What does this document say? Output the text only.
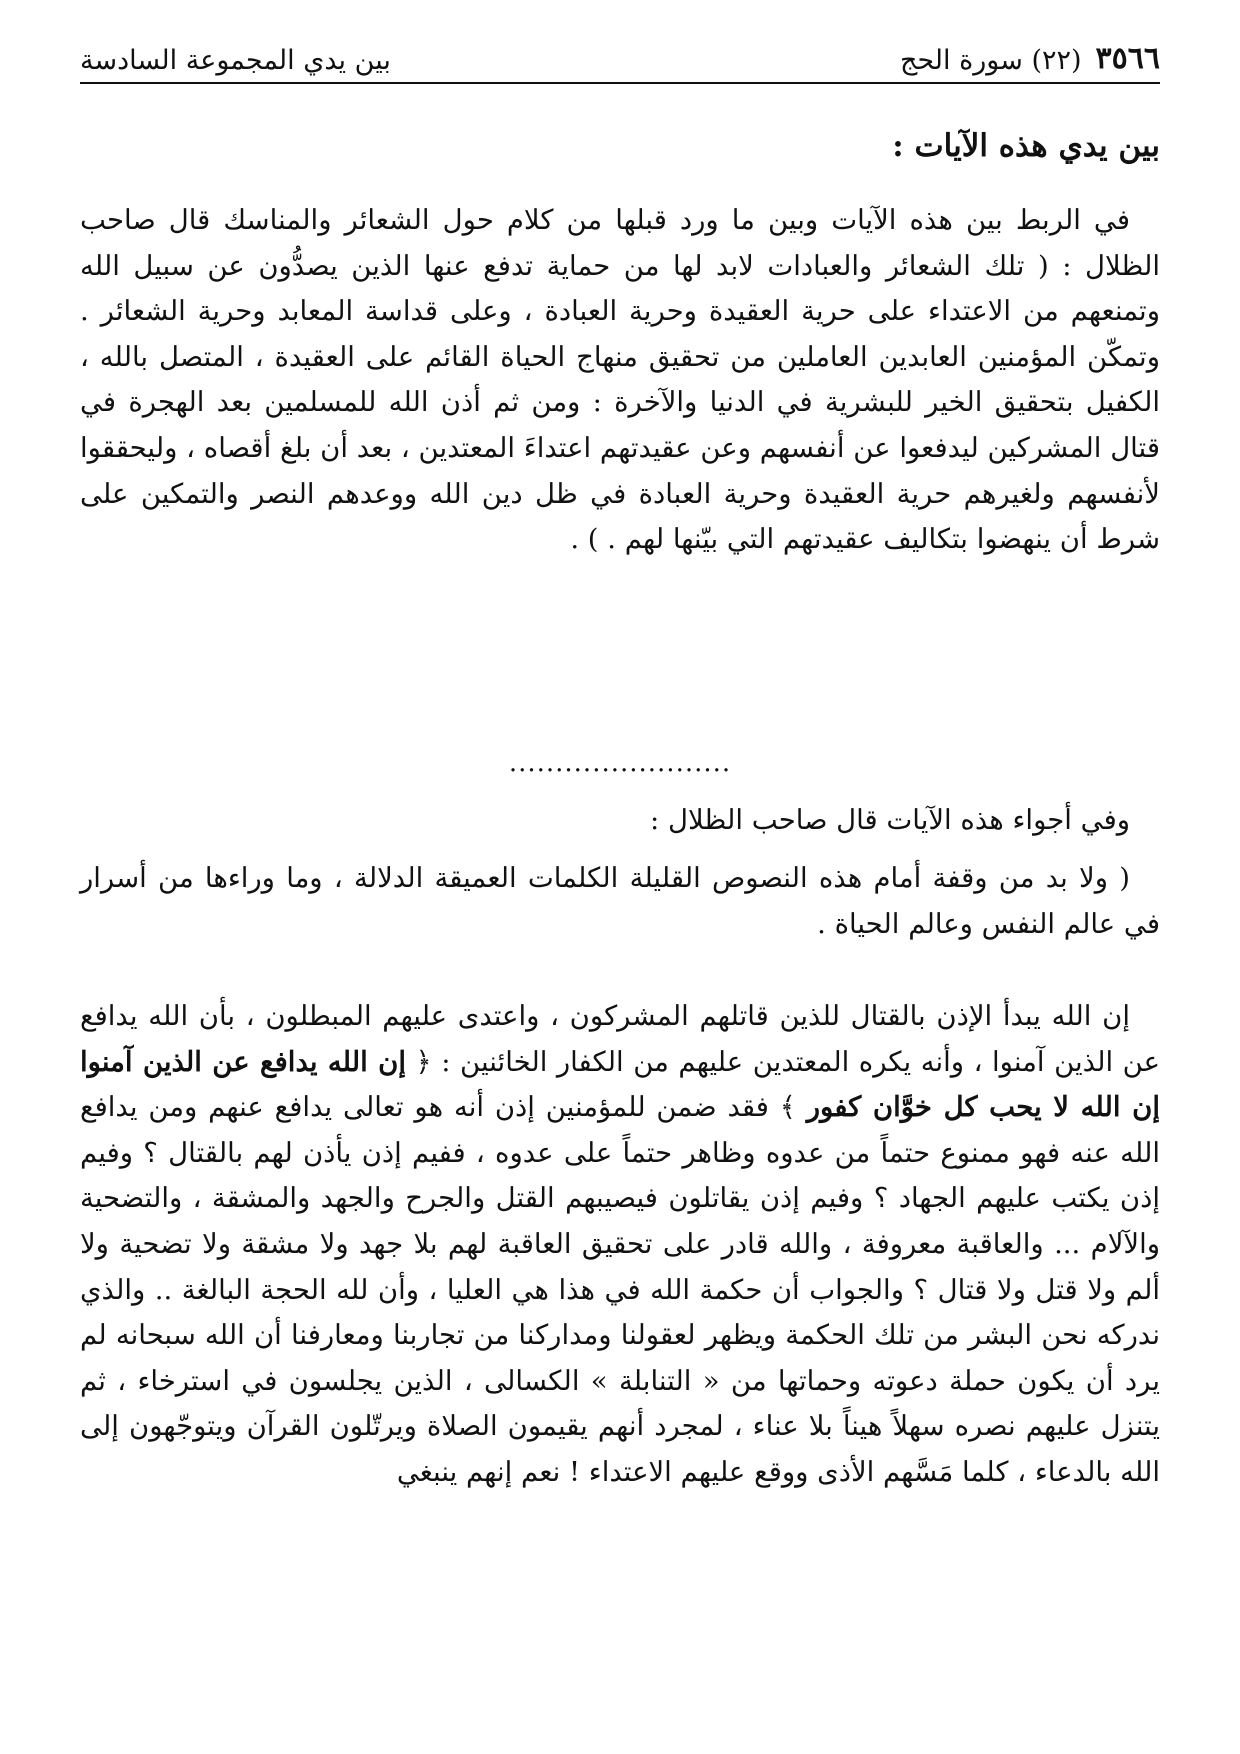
٣٥٦٦
(٢٢) سورة الحج
بين يدي المجموعة السادسة
بين يدي هذه الآيات :

في الربط بين هذه الآيات وبين ما ورد قبلها من كلام حول الشعائر والمناسك قال صاحب الظلال : ( تلك الشعائر والعبادات لابد لها من حماية تدفع عنها الذين يصدُّون عن سبيل الله وتمنعهم من الاعتداء على حرية العقيدة وحرية العبادة ، وعلى قداسة المعابد وحرية الشعائر . وتمكّن المؤمنين العابدين العاملين من تحقيق منهاج الحياة القائم على العقيدة ، المتصل بالله ، الكفيل بتحقيق الخير للبشرية في الدنيا والآخرة : ومن ثم أذن الله للمسلمين بعد الهجرة في قتال المشركين ليدفعوا عن أنفسهم وعن عقيدتهم اعتداءَ المعتدين ، بعد أن بلغ أقصاه ، وليحققوا لأنفسهم ولغيرهم حرية العقيدة وحرية العبادة في ظل دين الله ووعدهم النصر والتمكين على شرط أن ينهضوا بتكاليف عقيدتهم التي بيّنها لهم . ) .

........................

وفي أجواء هذه الآيات قال صاحب الظلال :

( ولا بد من وقفة أمام هذه النصوص القليلة الكلمات العميقة الدلالة ، وما وراءها من أسرار في عالم النفس وعالم الحياة .

إن الله يبدأ الإذن بالقتال للذين قاتلهم المشركون ، واعتدى عليهم المبطلون ، بأن الله يدافع عن الذين آمنوا ، وأنه يكره المعتدين عليهم من الكفار الخائنين : ﴿ إن الله يدافع عن الذين آمنوا إن الله لا يحب كل خوَّان كفور ﴾ فقد ضمن للمؤمنين إذن أنه هو تعالى يدافع عنهم ومن يدافع الله عنه فهو ممنوع حتماً من عدوه وظاهر حتماً على عدوه ، ففيم إذن يأذن لهم بالقتال ؟ وفيم إذن يكتب عليهم الجهاد ؟ وفيم إذن يقاتلون فيصيبهم القتل والجرح والجهد والمشقة ، والتضحية والآلام ... والعاقبة معروفة ، والله قادر على تحقيق العاقبة لهم بلا جهد ولا مشقة ولا تضحية ولا ألم ولا قتل ولا قتال ؟ والجواب أن حكمة الله في هذا هي العليا ، وأن لله الحجة البالغة .. والذي ندركه نحن البشر من تلك الحكمة ويظهر لعقولنا ومداركنا من تجاربنا ومعارفنا أن الله سبحانه لم يرد أن يكون حملة دعوته وحماتها من « التنابلة » الكسالى ، الذين يجلسون في استرخاء ، ثم يتنزل عليهم نصره سهلاً هيناً بلا عناء ، لمجرد أنهم يقيمون الصلاة ويرتّلون القرآن ويتوجّهون إلى الله بالدعاء ، كلما مَسَّهم الأذى ووقع عليهم الاعتداء ! نعم إنهم ينبغي
